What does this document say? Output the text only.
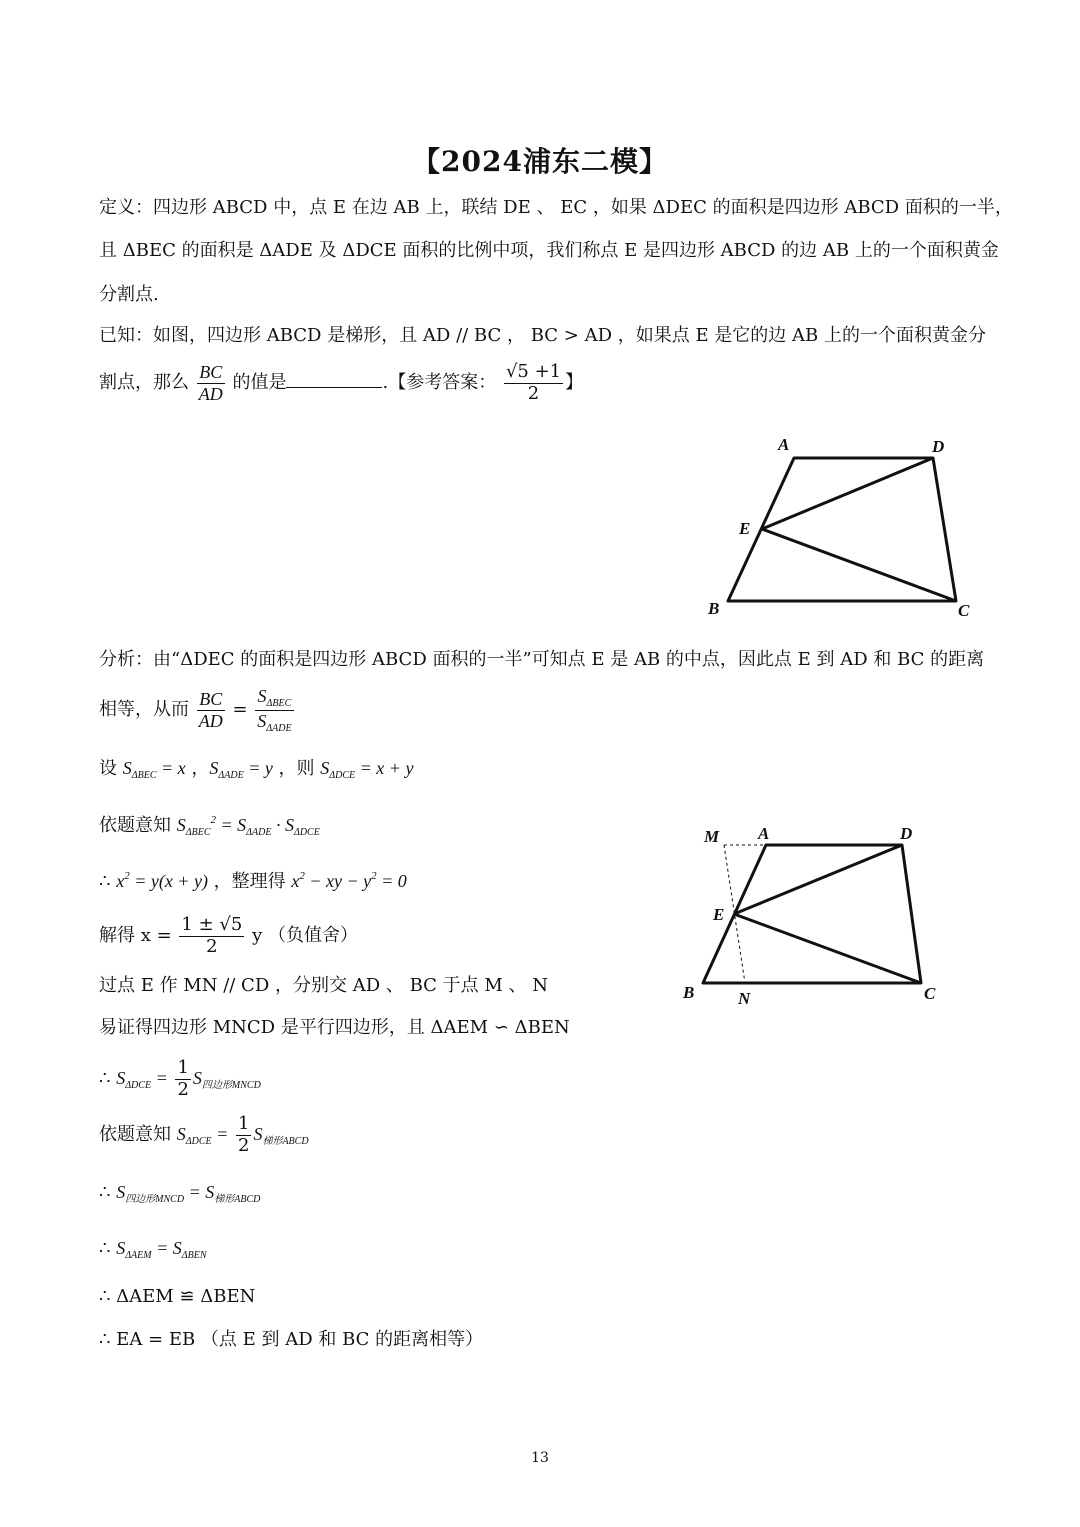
【2024浦东二模】
定义：四边形 ABCD 中，点 E 在边 AB 上，联结 DE 、 EC ，如果 ΔDEC 的面积是四边形 ABCD 面积的一半，
且 ΔBEC 的面积是 ΔADE 及 ΔDCE 面积的比例中项，我们称点 E 是四边形 ABCD 的边 AB 上的一个面积黄金
分割点.
已知：如图，四边形 ABCD 是梯形，且 AD // BC ， BC > AD ，如果点 E 是它的边 AB 上的一个面积黄金分
割点，那么 $\frac{BC}{AD}$ 的值是	.【参考答案： $\frac{√5 +1}{2}$ 】
A	D
E
B	C
分析：由“ΔDEC 的面积是四边形 ABCD 面积的一半”可知点 E 是 AB 的中点，因此点 E 到 AD 和 BC 的距离
相等，从而 $\frac{BC}{AD} = \frac{S_{\Delta BEC}}{S_{\Delta ADE}}$
设 $S_{\Delta BEC} = x$ ，$S_{\Delta ADE} = y$ ，则 $S_{\Delta DCE} = x + y$
依题意知 $S_{\Delta BEC}^2 = S_{\Delta ADE} \cdot S_{\Delta DCE}$
∴ $x^2 = y(x + y)$ ，整理得 $x^2$ − xy − $y^2 = 0$
解得 $x = \frac{1 \pm √5}{2}$ y （负值舍）
过点 E 作 MN // CD ，分别交 AD 、 BC 于点 M 、 N
易证得四边形 MNCD 是平行四边形，且 ΔAEM ∽ ΔBEN
∴ $S_{\Delta DCE} = \frac{1}{2} S_{四边形MNCD}$
依题意知 $S_{\Delta DCE} = \frac{1}{2} S_{梯形ABCD}$
∴ $S_{四边形MNCD} = S_{梯形ABCD}$
∴ $S_{\Delta AEM} = S_{\Delta BEN}$
∴ ΔAEM ≌ ΔBEN
∴ EA = EB （点 E 到 AD 和 BC 的距离相等）
M A	D
E
B	N	C
13
